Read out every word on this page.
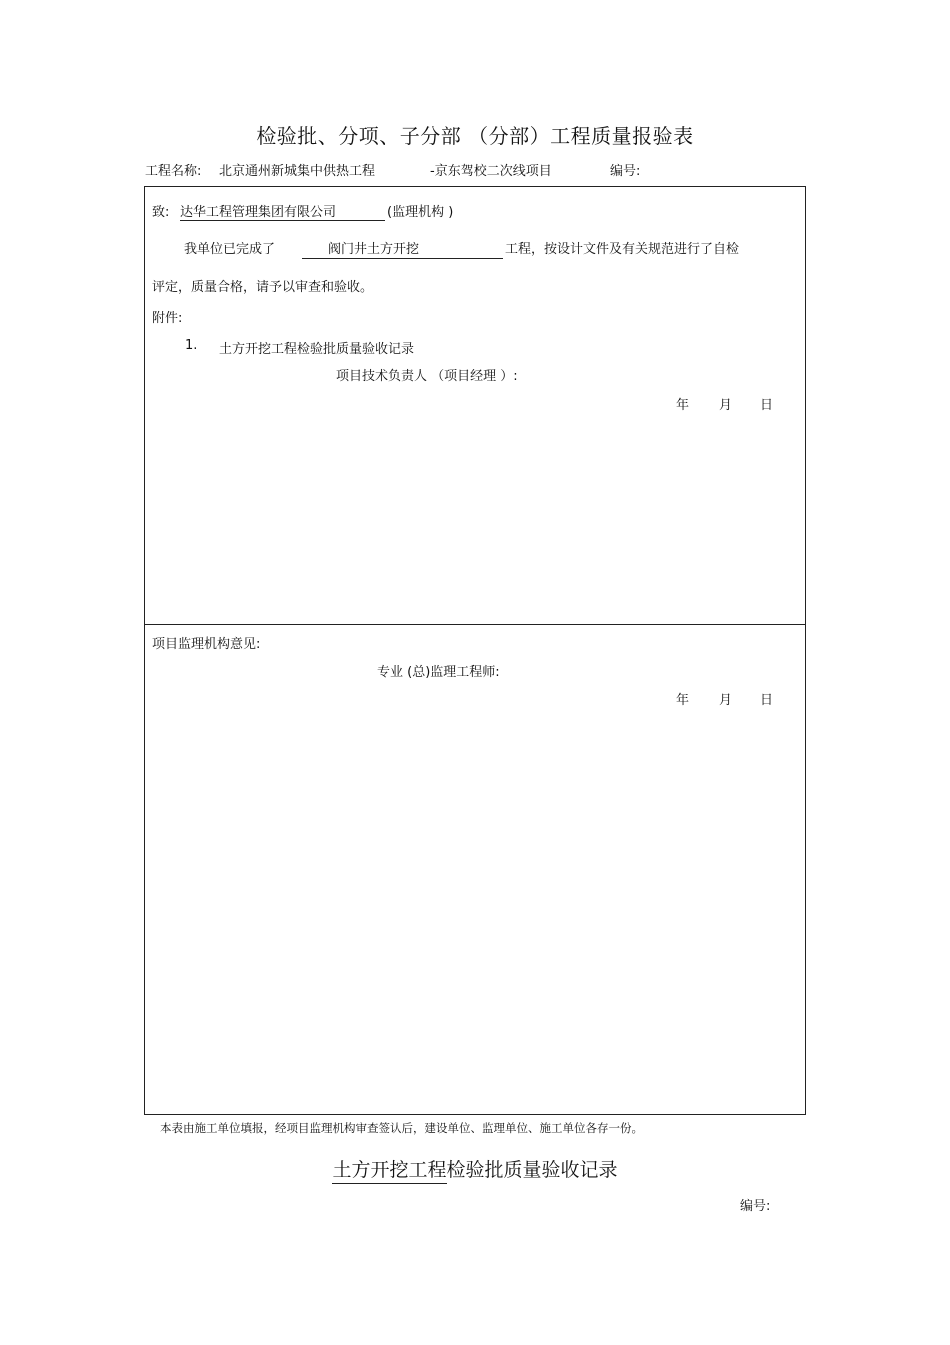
检验批、分项、子分部 （分部）工程质量报验表
工程名称: 北京通州新城集中供热工程	-京东驾校二次线项目	编号:
致: 达华工程管理集团有限公司	(监理机构 )
我单位已完成了	阀门井土方开挖	工程，按设计文件及有关规范进行了自检
评定，质量合格，请予以审查和验收。
附件:
1. 土方开挖工程检验批质量验收记录
项目技术负责人 （项目经理 ）:
年 月 日
项目监理机构意见:
专业 (总)监理工程师:
年 月 日
本表由施工单位填报，经项目监理机构审查签认后，建设单位、监理单位、施工单位各存一份。
土方开挖工程检验批质量验收记录
编号:
